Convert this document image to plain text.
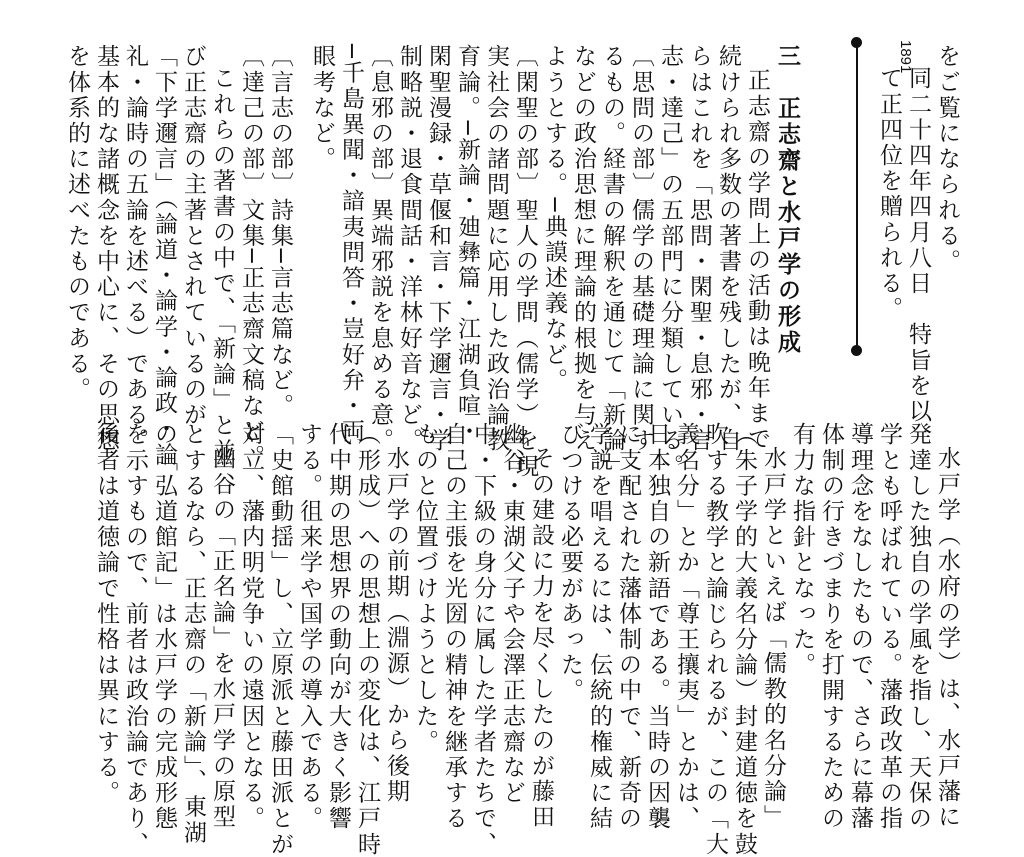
1891 をご覧になられる。
同二十四年四月八日　特旨を以
て正四位を贈られる。
三　正志齋と水戸学の形成
正志齋の学問上の活動は晩年まで
続けられ多数の著書を残したが、自
らはこれを「思問・閑聖・息邪・言
志・達己」の五部門に分類している。
〔思問の部〕儒学の基礎理論に関す
るもの。経書の解釈を通じて「新論」
などの政治思想に理論的根拠を与え
ようとする。─典謨述義など。
〔閑聖の部〕聖人の学問（儒学）を現
実社会の諸問題に応用した政治論教
育論。─新論・廸彝篇・江湖負喧・
閑聖漫録・草偃和言・下学邇言・学
制略説・退食間話・洋林好音など。
〔息邪の部〕異端邪説を息める意。
─千島異聞・諳夷問答・豈好弁・両
眼考など。
〔言志の部〕詩集─言志篇など。
〔達己の部〕文集─正志齋文稿など。
これらの著書の中で、「新論」と並
び正志齋の主著とされているのが
「下学邇言」（論道・論学・論政・論
礼・論時の五論を述べる）である。
基本的な諸概念を中心に、その思想
を体系的に述べたものである。
水戸学（水府の学）は、水戸藩に
発達した独自の学風を指し、天保の
学とも呼ばれている。藩政改革の指
導理念をなしたもので、さらに幕藩
体制の行きづまりを打開するための
有力な指針となった。
水戸学といえば「儒教的名分論」
（朱子学的大義名分論）封建道徳を鼓
吹する教学と論じられるが、この「大
義名分」とか「尊王攘夷」とかは、
日本独自の新語である。当時の因襲
に支配された藩体制の中で、新奇の
学説を唱えるには、伝統的権威に結
びつける必要があった。
その建設に力を尽くしたのが藤田
幽谷・東湖父子や会澤正志齋など
中・下級の身分に属した学者たちで、
自己の主張を光圀の精神を継承する
ものと位置づけようとした。
水戸学の前期（淵源）から後期
（形成）への思想上の変化は、江戸時
代中期の思想界の動向が大きく影響
する。徂来学や国学の導入である。
「史館動揺」し、立原派と藤田派とが
対立、藩内明党争いの遠因となる。
幽谷の「正名論」を水戸学の原型
とするなら、正志齋の「新論」、東湖
の「弘道館記」は水戸学の完成形態
を示すもので、前者は政治論であり、
後者は道徳論で性格は異にする。
